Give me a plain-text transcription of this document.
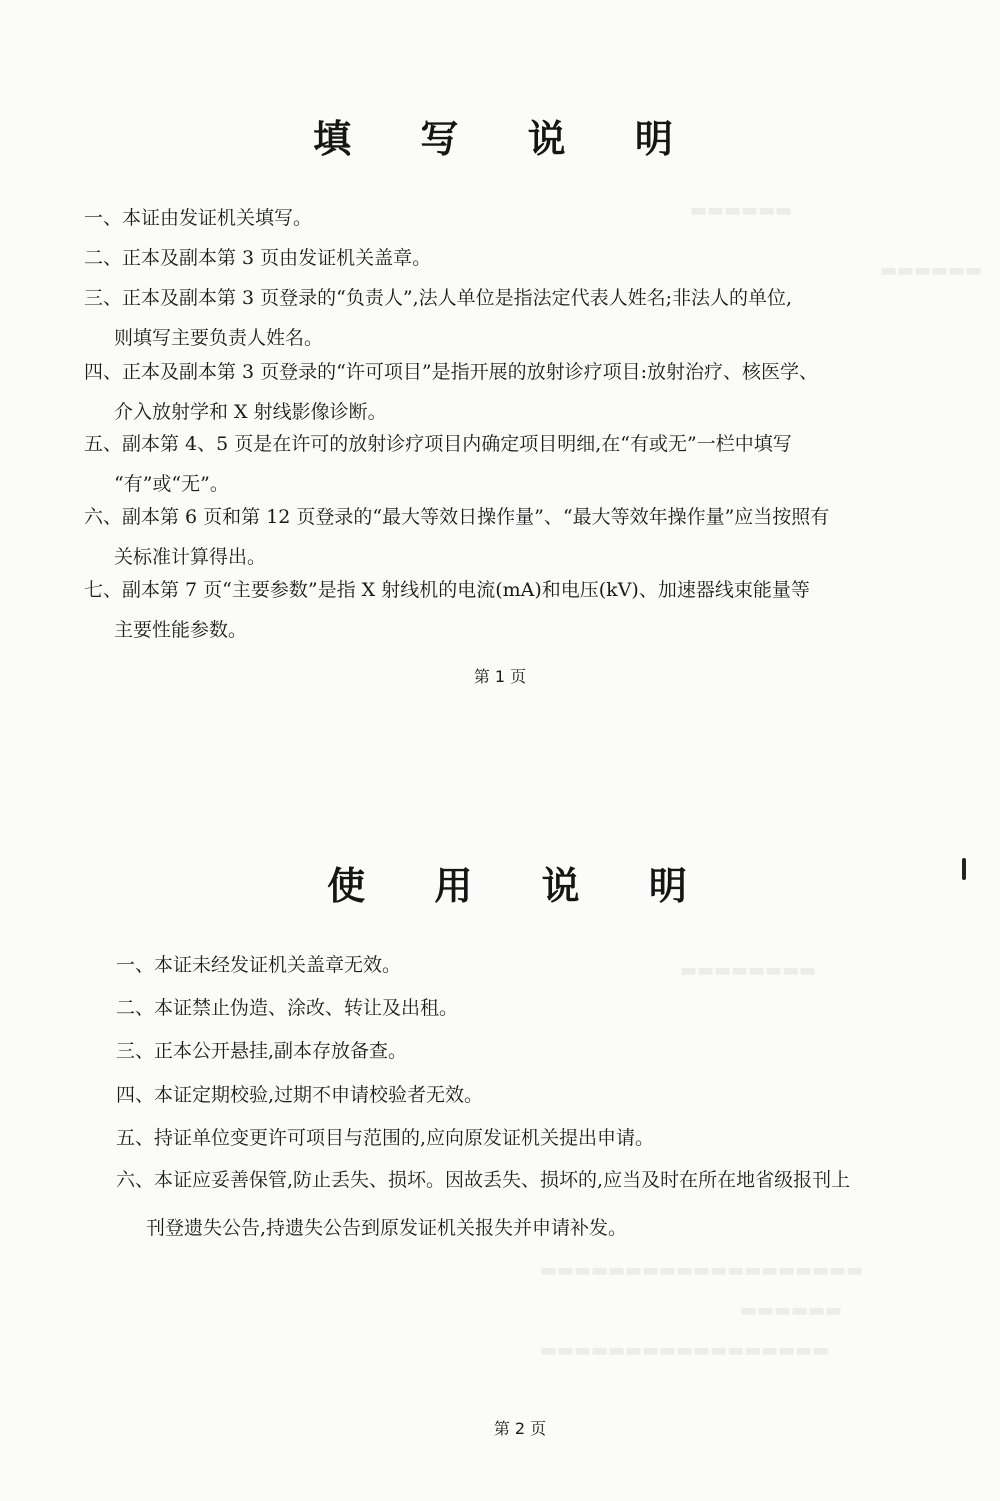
▬▬▬▬▬▬
▬▬▬▬▬▬
▬▬▬▬▬▬▬▬
▬▬▬▬▬▬▬▬▬▬▬▬▬▬▬▬▬▬▬
▬▬▬▬▬▬
▬▬▬▬▬▬▬▬▬▬▬▬▬▬▬▬▬
填 写 说 明
一、本证由发证机关填写。
二、正本及副本第 3 页由发证机关盖章。
三、正本及副本第 3 页登录的“负责人”,法人单位是指法定代表人姓名;非法人的单位,
则填写主要负责人姓名。
四、正本及副本第 3 页登录的“许可项目”是指开展的放射诊疗项目:放射治疗、核医学、
介入放射学和 X 射线影像诊断。
五、副本第 4、5 页是在许可的放射诊疗项目内确定项目明细,在“有或无”一栏中填写
“有”或“无”。
六、副本第 6 页和第 12 页登录的“最大等效日操作量”、“最大等效年操作量”应当按照有
关标准计算得出。
七、副本第 7 页“主要参数”是指 X 射线机的电流(mA)和电压(kV)、加速器线束能量等
主要性能参数。
第 1 页
使 用 说 明
一、本证未经发证机关盖章无效。
二、本证禁止伪造、涂改、转让及出租。
三、正本公开悬挂,副本存放备查。
四、本证定期校验,过期不申请校验者无效。
五、持证单位变更许可项目与范围的,应向原发证机关提出申请。
六、本证应妥善保管,防止丢失、损坏。因故丢失、损坏的,应当及时在所在地省级报刊上
刊登遗失公告,持遗失公告到原发证机关报失并申请补发。
第 2 页
